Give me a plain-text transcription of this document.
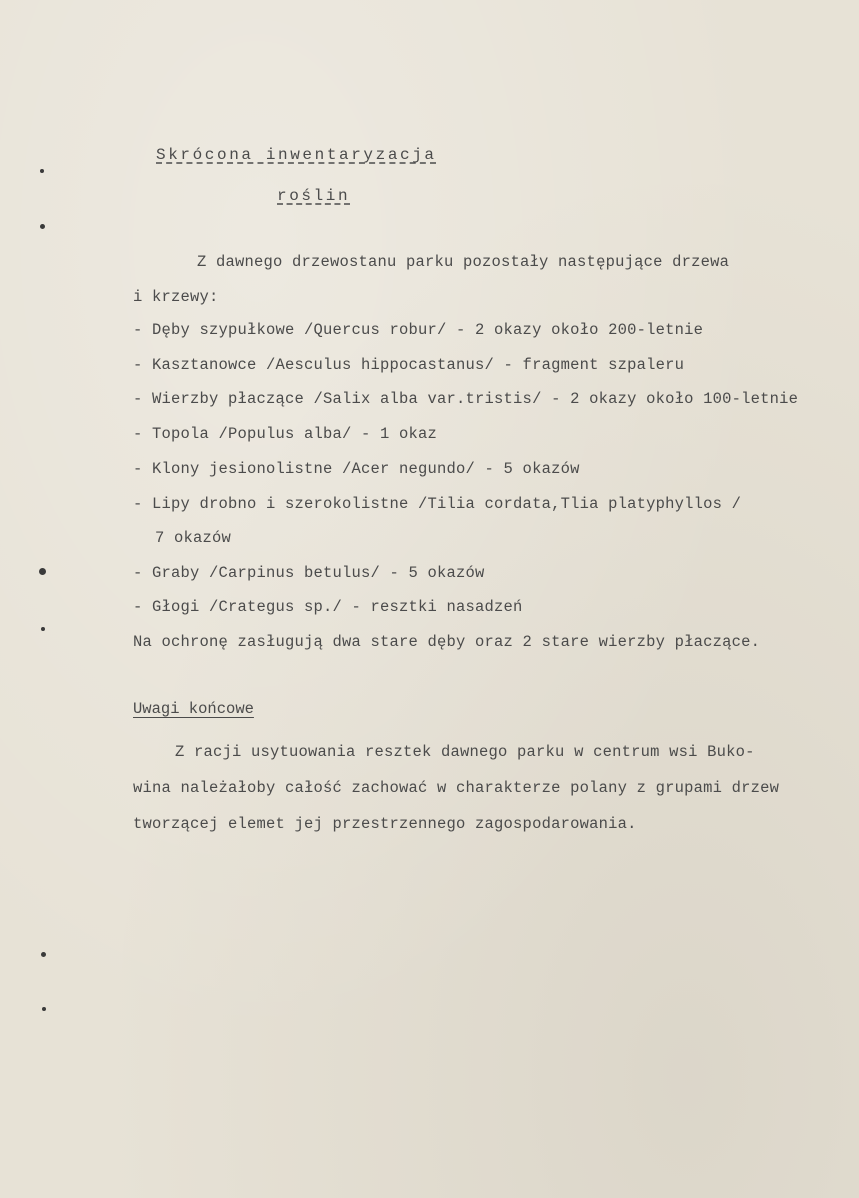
Skrócona inwentaryzacja
roślin
Z dawnego drzewostanu parku pozostały następujące drzewa
i krzewy:
- Dęby szypułkowe /Quercus robur/ - 2 okazy około 200-letnie
- Kasztanowce /Aesculus hippocastanus/ - fragment szpaleru
- Wierzby płaczące /Salix alba var.tristis/ - 2 okazy około 100-letnie
- Topola /Populus alba/ - 1 okaz
- Klony jesionolistne /Acer negundo/ - 5 okazów
- Lipy drobno i szerokolistne /Tilia cordata,Tlia platyphyllos /
7 okazów
- Graby /Carpinus betulus/ - 5 okazów
- Głogi /Crategus sp./ - resztki nasadzeń
Na ochronę zasługują dwa stare dęby oraz 2 stare wierzby płaczące.
Uwagi końcowe
Z racji usytuowania resztek dawnego parku w centrum wsi Buko-
wina należałoby całość zachować w charakterze polany z grupami drzew
tworzącej elemet jej przestrzennego zagospodarowania.
